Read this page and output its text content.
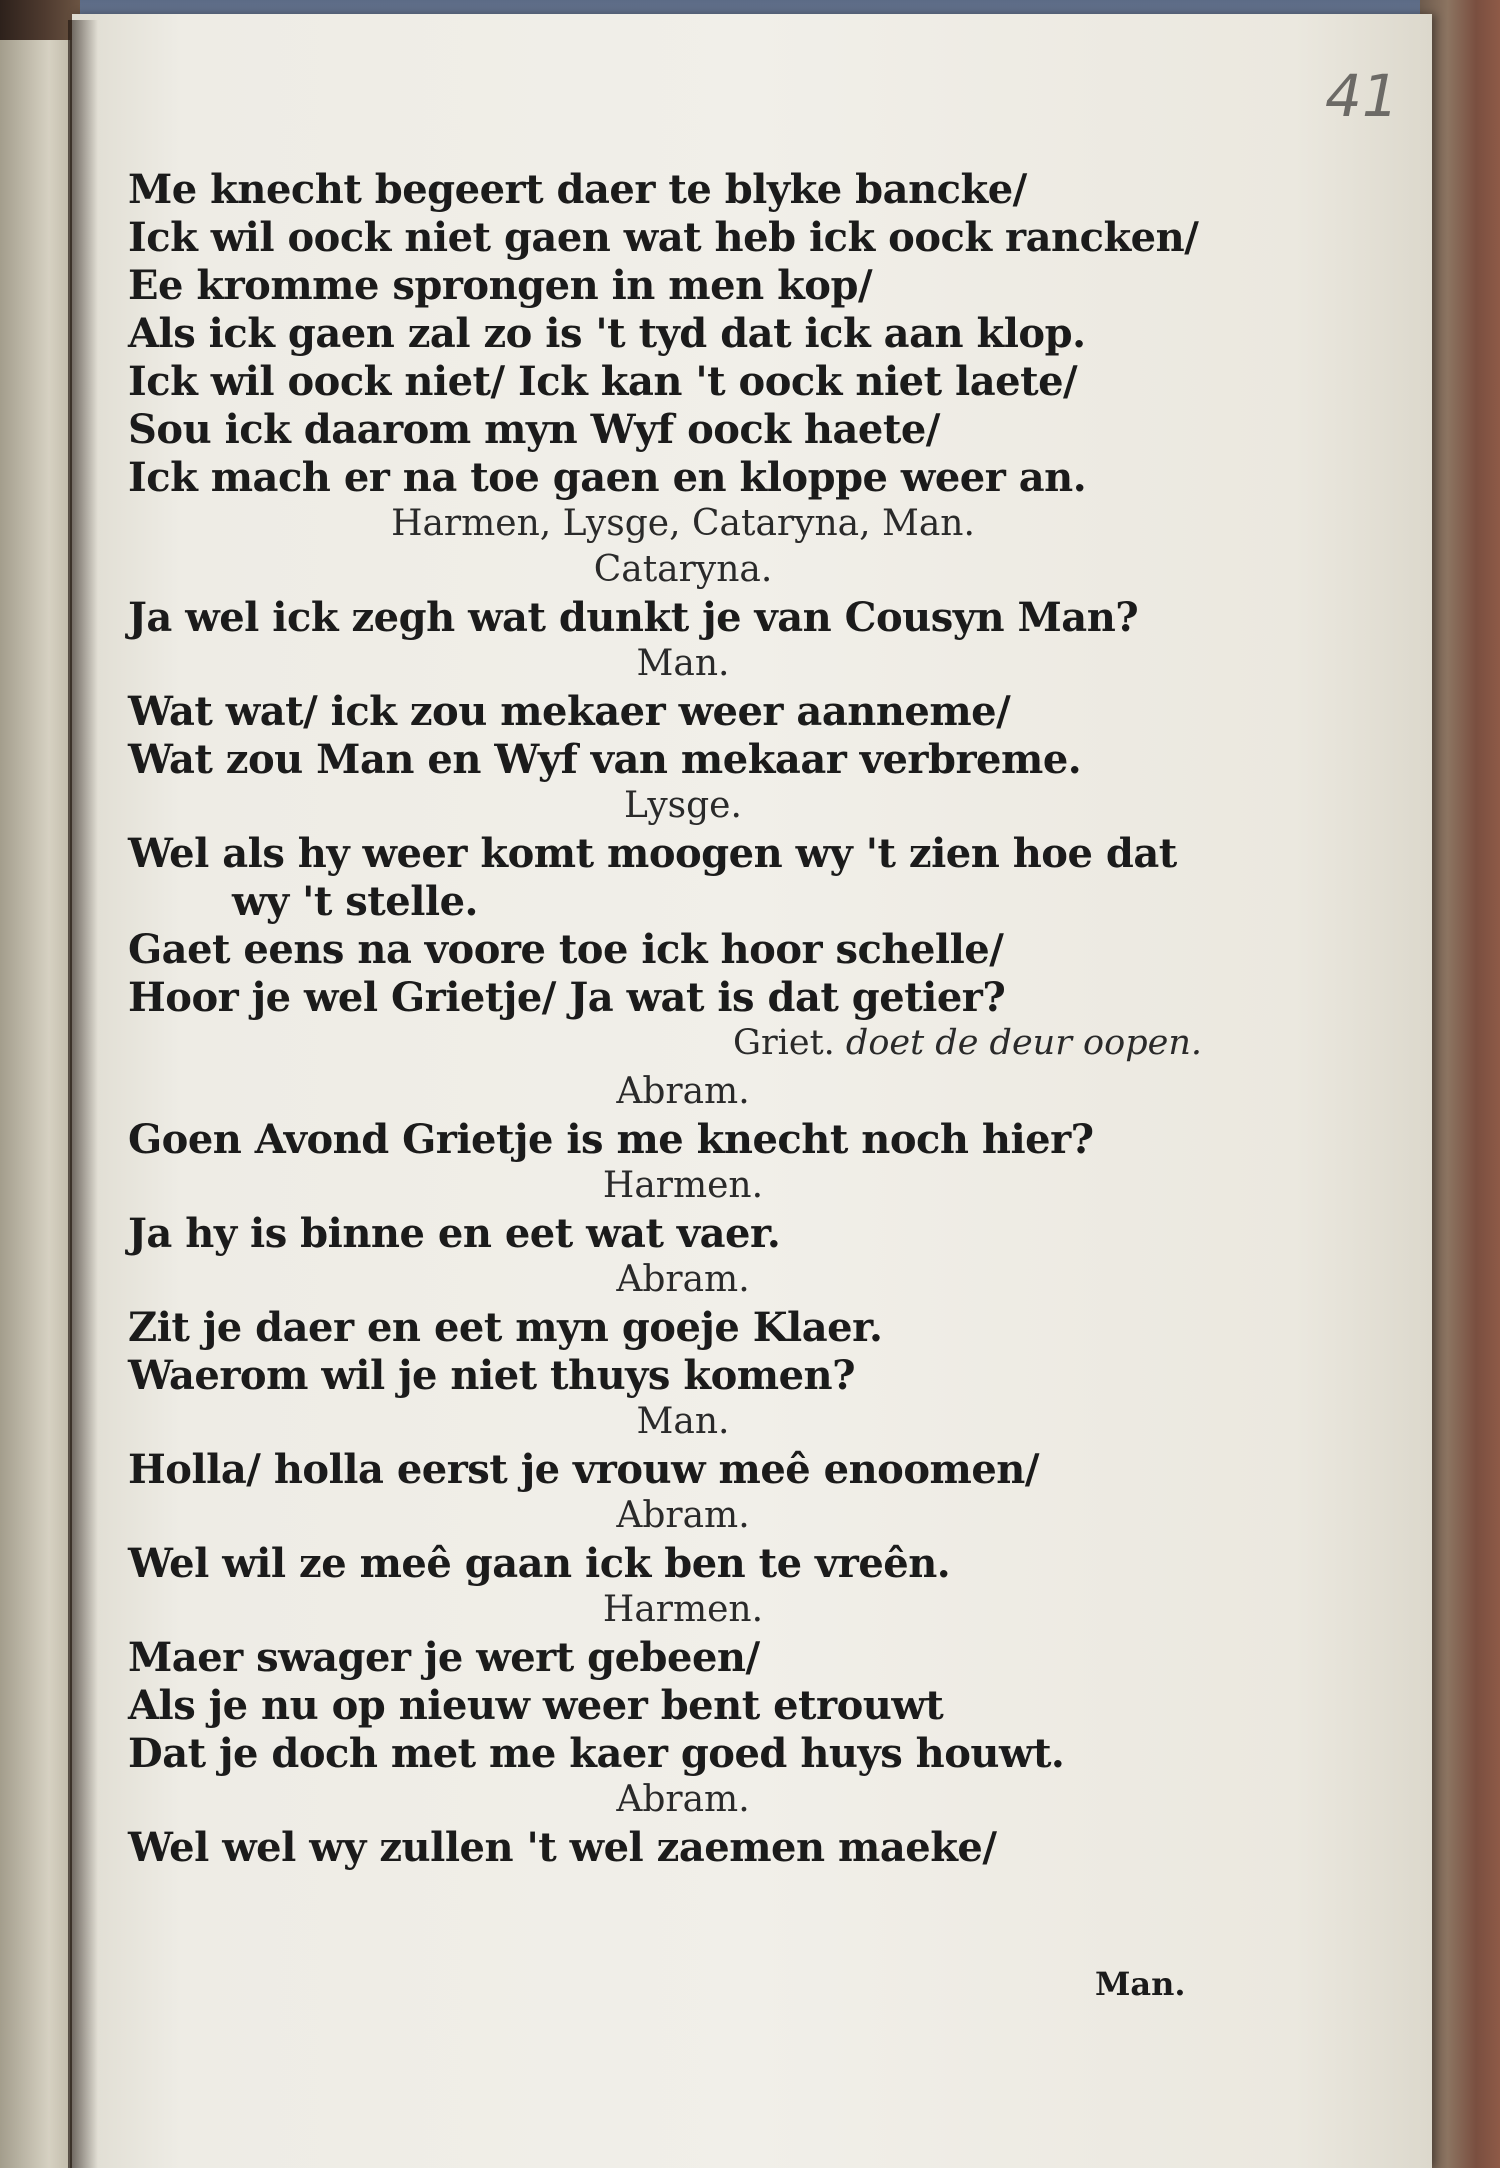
41
Me knecht begeert daer te blyke bancke/
Ick wil oock niet gaen wat heb ick oock rancken/
Ee kromme sprongen in men kop/
Als ick gaen zal zo is 't tyd dat ick aan klop.
Ick wil oock niet/ Ick kan 't oock niet laete/
Sou ick daarom myn Wyf oock haete/
Ick mach er na toe gaen en kloppe weer an.
Harmen, Lysge, Cataryna, Man.
Cataryna.
Ja wel ick zegh wat dunkt je van Cousyn Man?
Man.
Wat wat/ ick zou mekaer weer aanneme/
Wat zou Man en Wyf van mekaar verbreme.
Lysge.
Wel als hy weer komt moogen wy 't zien hoe dat
wy 't stelle.
Gaet eens na voore toe ick hoor schelle/
Hoor je wel Grietje/ Ja wat is dat getier?
Griet. doet de deur oopen.
Abram.
Goen Avond Grietje is me knecht noch hier?
Harmen.
Ja hy is binne en eet wat vaer.
Abram.
Zit je daer en eet myn goeje Klaer.
Waerom wil je niet thuys komen?
Man.
Holla/ holla eerst je vrouw meê enoomen/
Abram.
Wel wil ze meê gaan ick ben te vreên.
Harmen.
Maer swager je wert gebeen/
Als je nu op nieuw weer bent etrouwt
Dat je doch met me kaer goed huys houwt.
Abram.
Wel wel wy zullen 't wel zaemen maeke/
Man.
